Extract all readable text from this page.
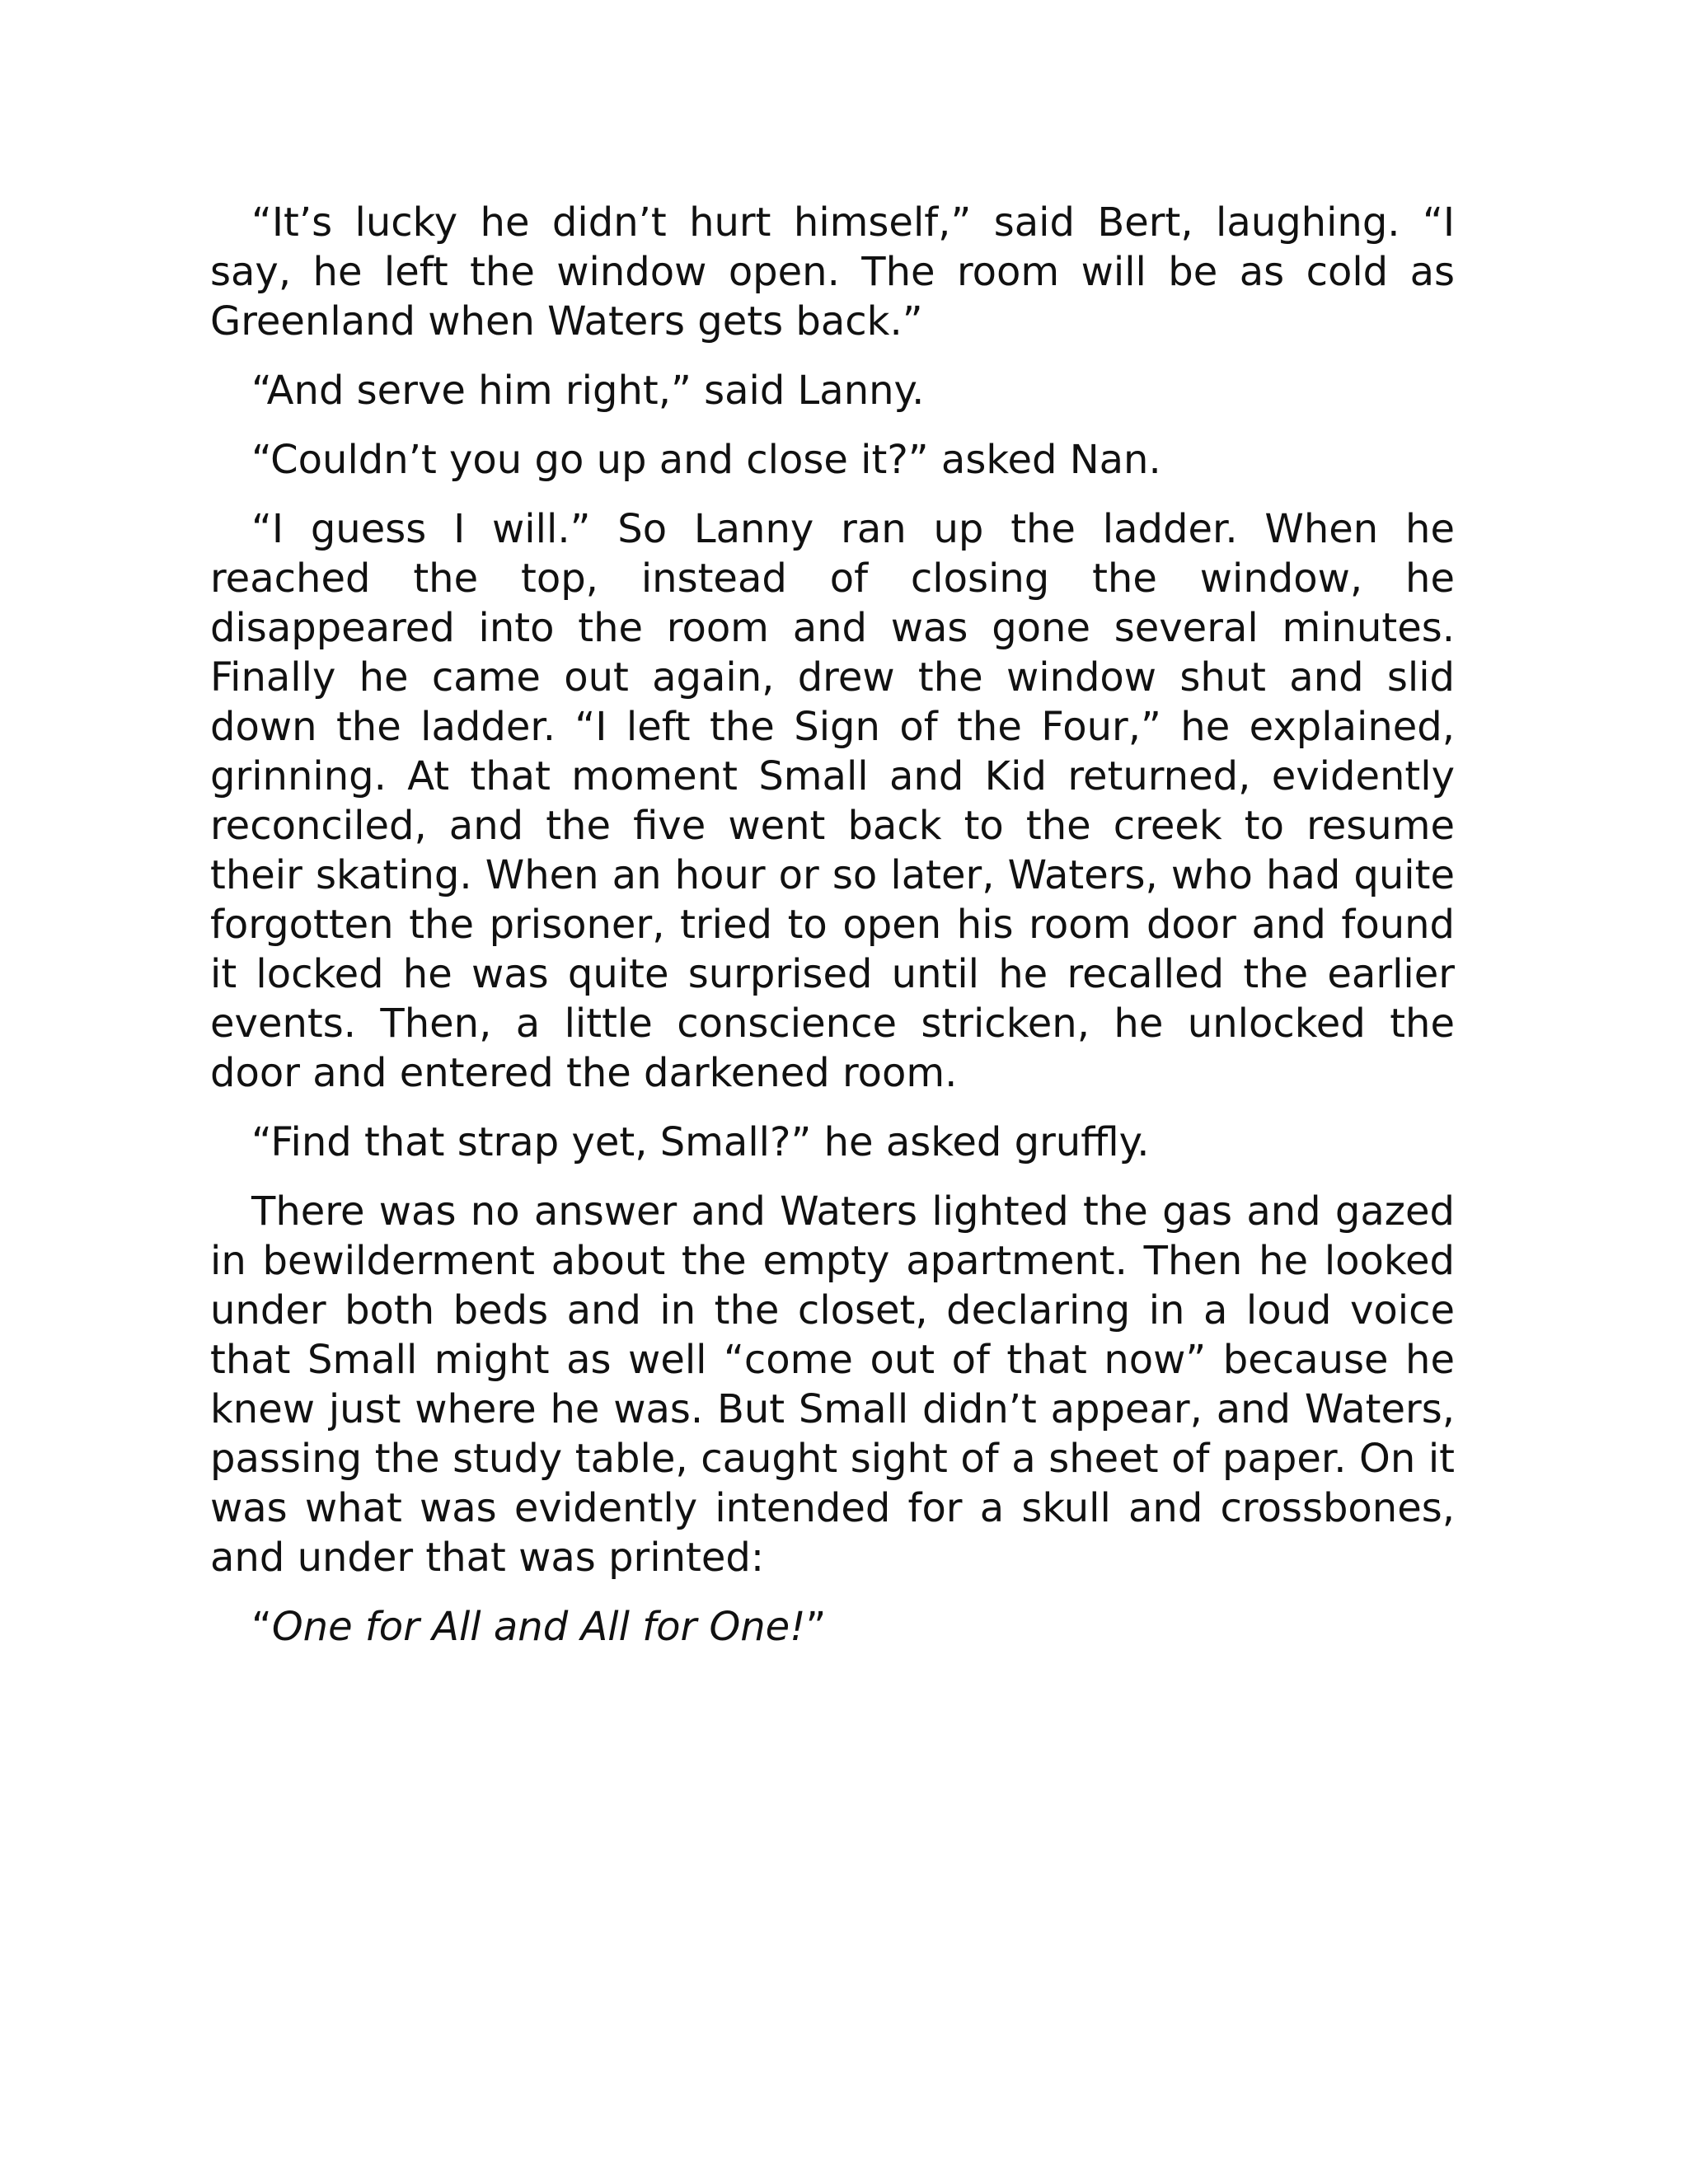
“It’s lucky he didn’t hurt himself,” said Bert, laughing. “I say, he left the window open. The room will be as cold as Greenland when Waters gets back.”

“And serve him right,” said Lanny.

“Couldn’t you go up and close it?” asked Nan.

“I guess I will.” So Lanny ran up the ladder. When he reached the top, instead of closing the window, he disappeared into the room and was gone several minutes. Finally he came out again, drew the window shut and slid down the ladder. “I left the Sign of the Four,” he explained, grinning. At that moment Small and Kid returned, evidently reconciled, and the five went back to the creek to resume their skating. When an hour or so later, Waters, who had quite forgotten the prisoner, tried to open his room door and found it locked he was quite surprised until he recalled the earlier events. Then, a little conscience stricken, he unlocked the door and entered the darkened room.

“Find that strap yet, Small?” he asked gruffly.

There was no answer and Waters lighted the gas and gazed in bewilderment about the empty apartment. Then he looked under both beds and in the closet, declaring in a loud voice that Small might as well “come out of that now” because he knew just where he was. But Small didn’t appear, and Waters, passing the study table, caught sight of a sheet of paper. On it was what was evidently intended for a skull and crossbones, and under that was printed:

“One for All and All for One!”
